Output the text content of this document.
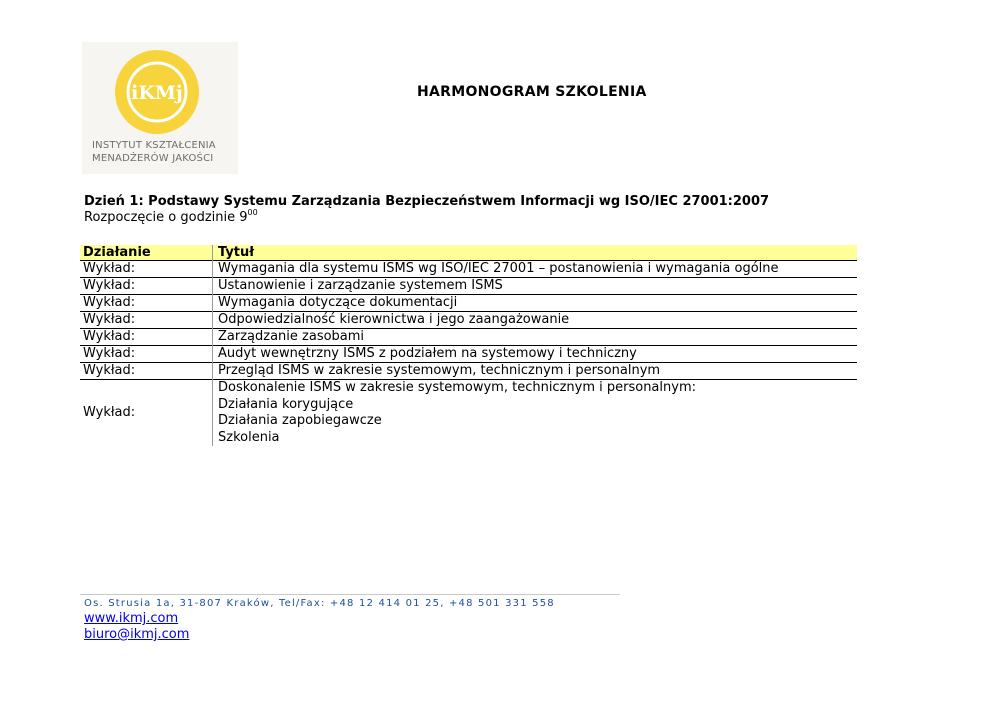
iKMj
INSTYTUT KSZTAŁCENIA
MENADŻERÓW JAKOŚCI
HARMONOGRAM SZKOLENIA
Dzień 1: Podstawy Systemu Zarządzania Bezpieczeństwem Informacji wg ISO/IEC 27001:2007
Rozpoczęcie o godzinie $9^{00}$
Działanie	Tytuł
Wykład:	Wymagania dla systemu ISMS wg ISO/IEC 27001 – postanowienia i wymagania ogólne
Wykład:	Ustanowienie i zarządzanie systemem ISMS
Wykład:	Wymagania dotyczące dokumentacji
Wykład:	Odpowiedzialność kierownictwa i jego zaangażowanie
Wykład:	Zarządzanie zasobami
Wykład:	Audyt wewnętrzny ISMS z podziałem na systemowy i techniczny
Wykład:	Przegląd ISMS w zakresie systemowym, technicznym i personalnym
Wykład:	Doskonalenie ISMS w zakresie systemowym, technicznym i personalnym:
Działania korygujące
Działania zapobiegawcze
Szkolenia
Os. Strusia 1a, 31-807 Kraków, Tel/Fax: +48 12 414 01 25, +48 501 331 558
www.ikmj.com
biuro@ikmj.com
